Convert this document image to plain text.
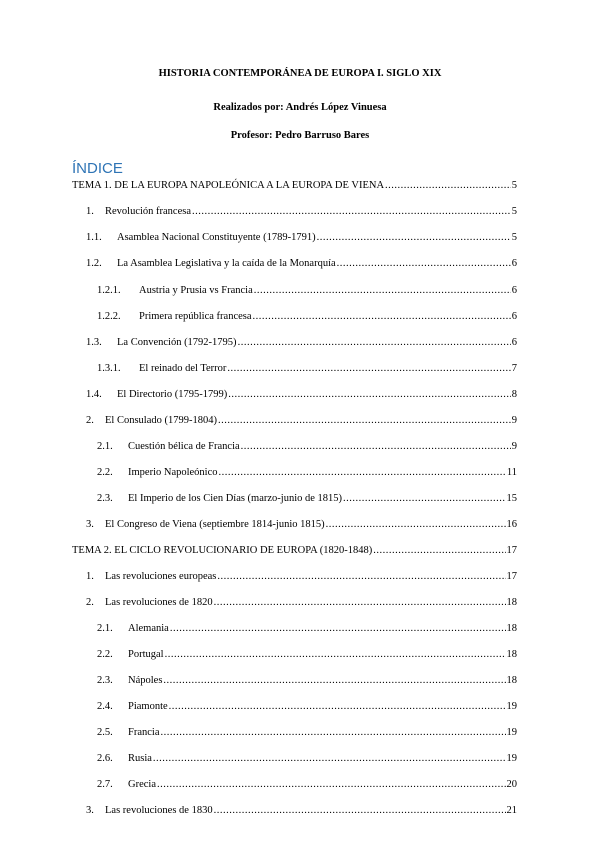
HISTORIA CONTEMPORÁNEA DE EUROPA I. SIGLO XIX
Realizados por: Andrés López Vinuesa
Profesor: Pedro Barruso Bares
ÍNDICE
TEMA 1. DE LA EUROPA NAPOLEÓNICA A LA EUROPA DE VIENA .....	5
1.	Revolución francesa .....	5
1.1.	Asamblea Nacional Constituyente (1789-1791) .....	5
1.2.	La Asamblea Legislativa y la caída de la Monarquía .....	6
1.2.1.	Austria y Prusia vs Francia .....	6
1.2.2.	Primera república francesa .....	6
1.3.	La Convención (1792-1795) .....	6
1.3.1.	El reinado del Terror .....	7
1.4.	El Directorio (1795-1799) .....	8
2.	El Consulado (1799-1804) .....	9
2.1.	Cuestión bélica de Francia .....	9
2.2.	Imperio Napoleónico .....	11
2.3.	El Imperio de los Cien Días (marzo-junio de 1815) .....	15
3.	El Congreso de Viena (septiembre 1814-junio 1815) .....	16
TEMA 2. EL CICLO REVOLUCIONARIO DE EUROPA (1820-1848) .....	17
1.	Las revoluciones europeas .....	17
2.	Las revoluciones de 1820 .....	18
2.1.	Alemania .....	18
2.2.	Portugal .....	18
2.3.	Nápoles .....	18
2.4.	Piamonte .....	19
2.5.	Francia .....	19
2.6.	Rusia .....	19
2.7.	Grecia .....	20
3.	Las revoluciones de 1830 .....	21
